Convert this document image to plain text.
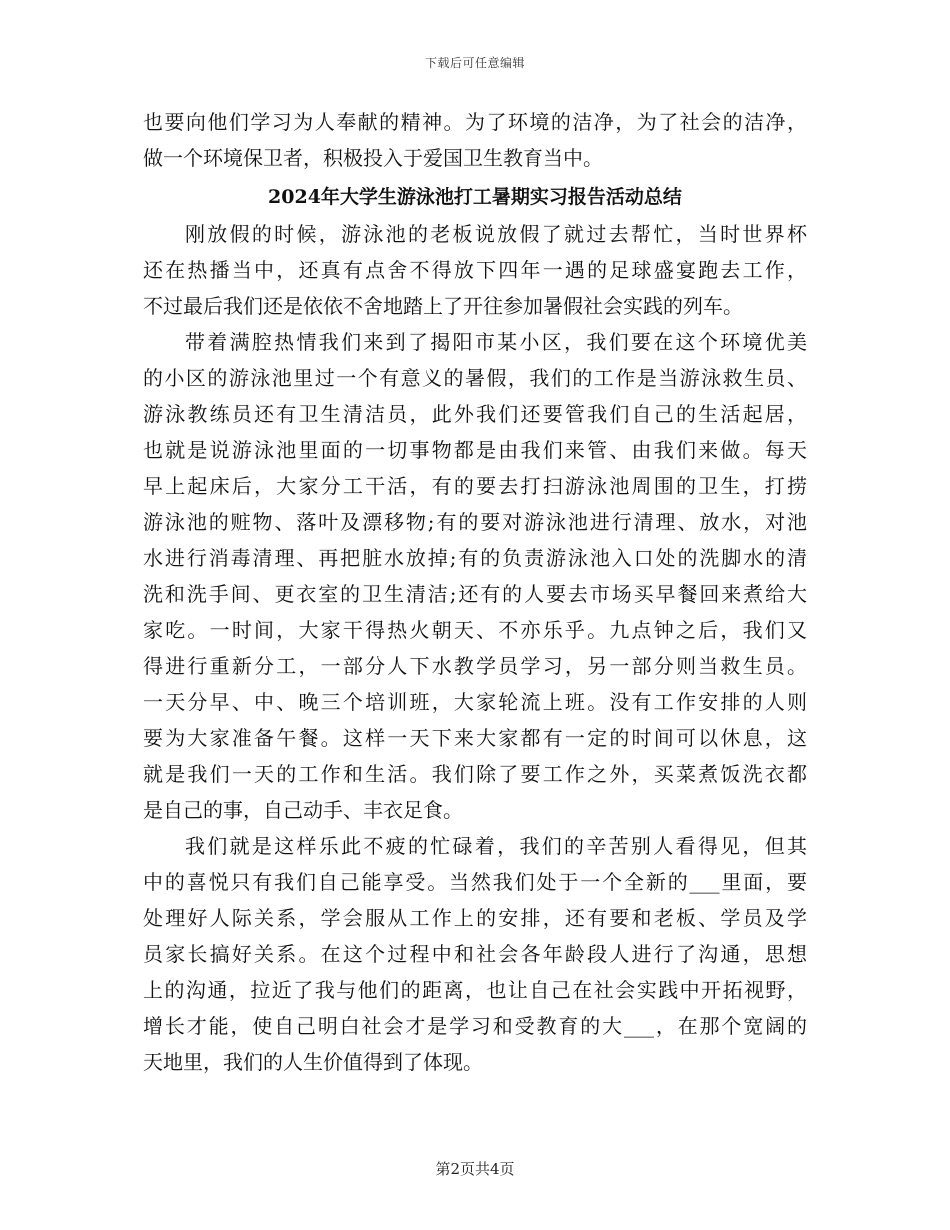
下载后可任意编辑
也要向他们学习为人奉献的精神。为了环境的洁净，为了社会的洁净，
做一个环境保卫者，积极投入于爱国卫生教育当中。
2024年大学生游泳池打工暑期实习报告活动总结
刚放假的时候，游泳池的老板说放假了就过去帮忙，当时世界杯
还在热播当中，还真有点舍不得放下四年一遇的足球盛宴跑去工作，
不过最后我们还是依依不舍地踏上了开往参加暑假社会实践的列车。
带着满腔热情我们来到了揭阳市某小区，我们要在这个环境优美
的小区的游泳池里过一个有意义的暑假，我们的工作是当游泳救生员、
游泳教练员还有卫生清洁员，此外我们还要管我们自己的生活起居，
也就是说游泳池里面的一切事物都是由我们来管、由我们来做。每天
早上起床后，大家分工干活，有的要去打扫游泳池周围的卫生，打捞
游泳池的赃物、落叶及漂移物;有的要对游泳池进行清理、放水，对池
水进行消毒清理、再把脏水放掉;有的负责游泳池入口处的洗脚水的清
洗和洗手间、更衣室的卫生清洁;还有的人要去市场买早餐回来煮给大
家吃。一时间，大家干得热火朝天、不亦乐乎。九点钟之后，我们又
得进行重新分工，一部分人下水教学员学习，另一部分则当救生员。
一天分早、中、晚三个培训班，大家轮流上班。没有工作安排的人则
要为大家准备午餐。这样一天下来大家都有一定的时间可以休息，这
就是我们一天的工作和生活。我们除了要工作之外，买菜煮饭洗衣都
是自己的事，自己动手、丰衣足食。
我们就是这样乐此不疲的忙碌着，我们的辛苦别人看得见，但其
中的喜悦只有我们自己能享受。当然我们处于一个全新的___里面，要
处理好人际关系，学会服从工作上的安排，还有要和老板、学员及学
员家长搞好关系。在这个过程中和社会各年龄段人进行了沟通，思想
上的沟通，拉近了我与他们的距离，也让自己在社会实践中开拓视野，
增长才能，使自己明白社会才是学习和受教育的大___，在那个宽阔的
天地里，我们的人生价值得到了体现。
第2页共4页
